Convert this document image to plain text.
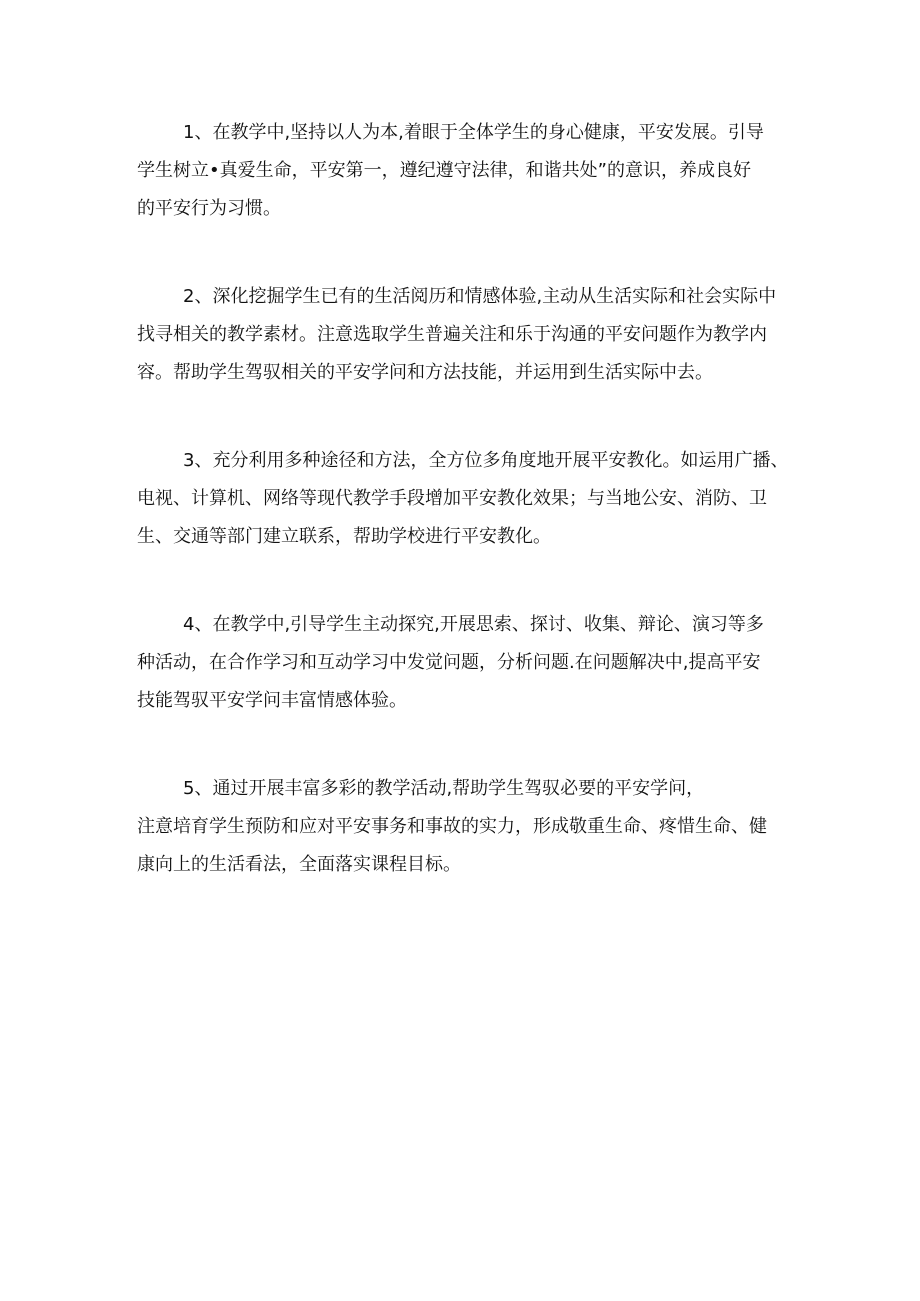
1、在教学中,坚持以人为本,着眼于全体学生的身心健康，平安发展。引导
学生树立•真爱生命，平安第一，遵纪遵守法律，和谐共处”的意识，养成良好
的平安行为习惯。

2、深化挖掘学生已有的生活阅历和情感体验,主动从生活实际和社会实际中
找寻相关的教学素材。注意选取学生普遍关注和乐于沟通的平安问题作为教学内
容。帮助学生驾驭相关的平安学问和方法技能，并运用到生活实际中去。

3、充分利用多种途径和方法，全方位多角度地开展平安教化。如运用广播、
电视、计算机、网络等现代教学手段增加平安教化效果；与当地公安、消防、卫
生、交通等部门建立联系，帮助学校进行平安教化。

4、在教学中,引导学生主动探究,开展思索、探讨、收集、辩论、演习等多
种活动，在合作学习和互动学习中发觉问题，分析问题.在问题解决中,提高平安
技能驾驭平安学问丰富情感体验。

5、通过开展丰富多彩的教学活动,帮助学生驾驭必要的平安学问，
注意培育学生预防和应对平安事务和事故的实力，形成敬重生命、疼惜生命、健
康向上的生活看法，全面落实课程目标。
